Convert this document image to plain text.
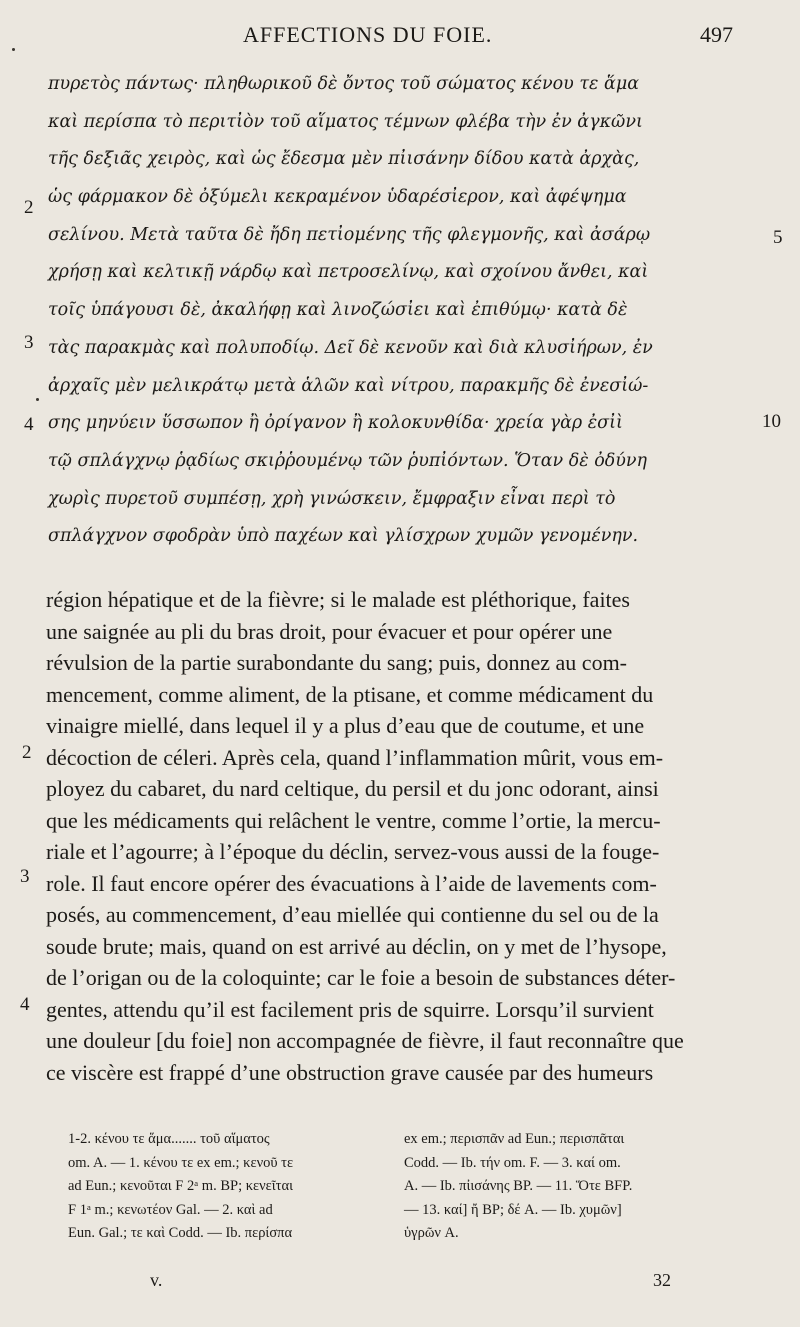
AFFECTIONS DU FOIE.	497
πυρετὸς πάντως· πληθωρικοῦ δὲ ὄντος τοῦ σώματος κένου τε ἅμα
καὶ περίσπα τὸ περιτἰὸν τοῦ αἵματος τέμνων φλέβα τὴν ἐν ἀγκῶνι
τῆς δεξιᾶς χειρὸς, καὶ ὡς ἔδεσμα μὲν πἰισάνην δίδου κατὰ ἀρχὰς,
ὡς φάρμακον δὲ ὀξύμελι κεκραμένον ὑδαρέσἰερον, καὶ ἀφέψημα
σελίνου. Μετὰ ταῦτα δὲ ἤδη πετἰομένης τῆς φλεγμονῆς, καὶ ἀσάρῳ
χρήσῃ καὶ κελτικῇ νάρδῳ καὶ πετροσελίνῳ, καὶ σχοίνου ἄνθει, καὶ
τοῖς ὑπάγουσι δὲ, ἀκαλήφῃ καὶ λινοζώσἰει καὶ ἐπιθύμῳ· κατὰ δὲ
τὰς παρακμὰς καὶ πολυποδίῳ. Δεῖ δὲ κενοῦν καὶ διὰ κλυσἰήρων, ἐν
ἀρχαῖς μὲν μελικράτῳ μετὰ ἁλῶν καὶ νίτρου, παρακμῆς δὲ ἐνεσἰώ-
σης μηνύειν ὕσσωπον ἢ ὀρίγανον ἢ κολοκυνθίδα· χρεία γὰρ ἐσἰὶ
τῷ σπλάγχνῳ ῥᾳδίως σκιῤῥουμένῳ τῶν ῥυπἰόντων. Ὅταν δὲ ὀδύνη
χωρὶς πυρετοῦ συμπέσῃ, χρὴ γινώσκειν, ἔμφραξιν εἶναι περὶ τὸ
σπλάγχνον σφοδρὰν ὑπὸ παχέων καὶ γλίσχρων χυμῶν γενομένην.
2
3
4
5
10
région hépatique et de la fièvre; si le malade est pléthorique, faites
une saignée au pli du bras droit, pour évacuer et pour opérer une
révulsion de la partie surabondante du sang; puis, donnez au com-
mencement, comme aliment, de la ptisane, et comme médicament du
vinaigre miellé, dans lequel il y a plus d’eau que de coutume, et une
décoction de céleri. Après cela, quand l’inflammation mûrit, vous em-
ployez du cabaret, du nard celtique, du persil et du jonc odorant, ainsi
que les médicaments qui relâchent le ventre, comme l’ortie, la mercu-
riale et l’agourre; à l’époque du déclin, servez-vous aussi de la fouge-
role. Il faut encore opérer des évacuations à l’aide de lavements com-
posés, au commencement, d’eau miellée qui contienne du sel ou de la
soude brute; mais, quand on est arrivé au déclin, on y met de l’hysope,
de l’origan ou de la coloquinte; car le foie a besoin de substances déter-
gentes, attendu qu’il est facilement pris de squirre. Lorsqu’il survient
une douleur [du foie] non accompagnée de fièvre, il faut reconnaître que
ce viscère est frappé d’une obstruction grave causée par des humeurs
2
3
4
1-2. κένου τε ἅμα....... τοῦ αἵματος
om. A. — 1. κένου τε ex em.; κενοῦ τε
ad Eun.; κενοῦται F 2ᵃ m. BP; κενεῖται
F 1ᵃ m.; κενωτέον Gal. — 2. καὶ ad
Eun. Gal.; τε καὶ Codd. — Ib. περίσπα
ex em.; περισπᾶν ad Eun.; περισπᾶται
Codd. — Ib. τήν om. F. — 3. καί om.
A. — Ib. πἰισάνης BP. — 11. Ὅτε BFP.
— 13. καί] ἤ BP; δέ A. — Ib. χυμῶν]
ὑγρῶν A.
v.	32
